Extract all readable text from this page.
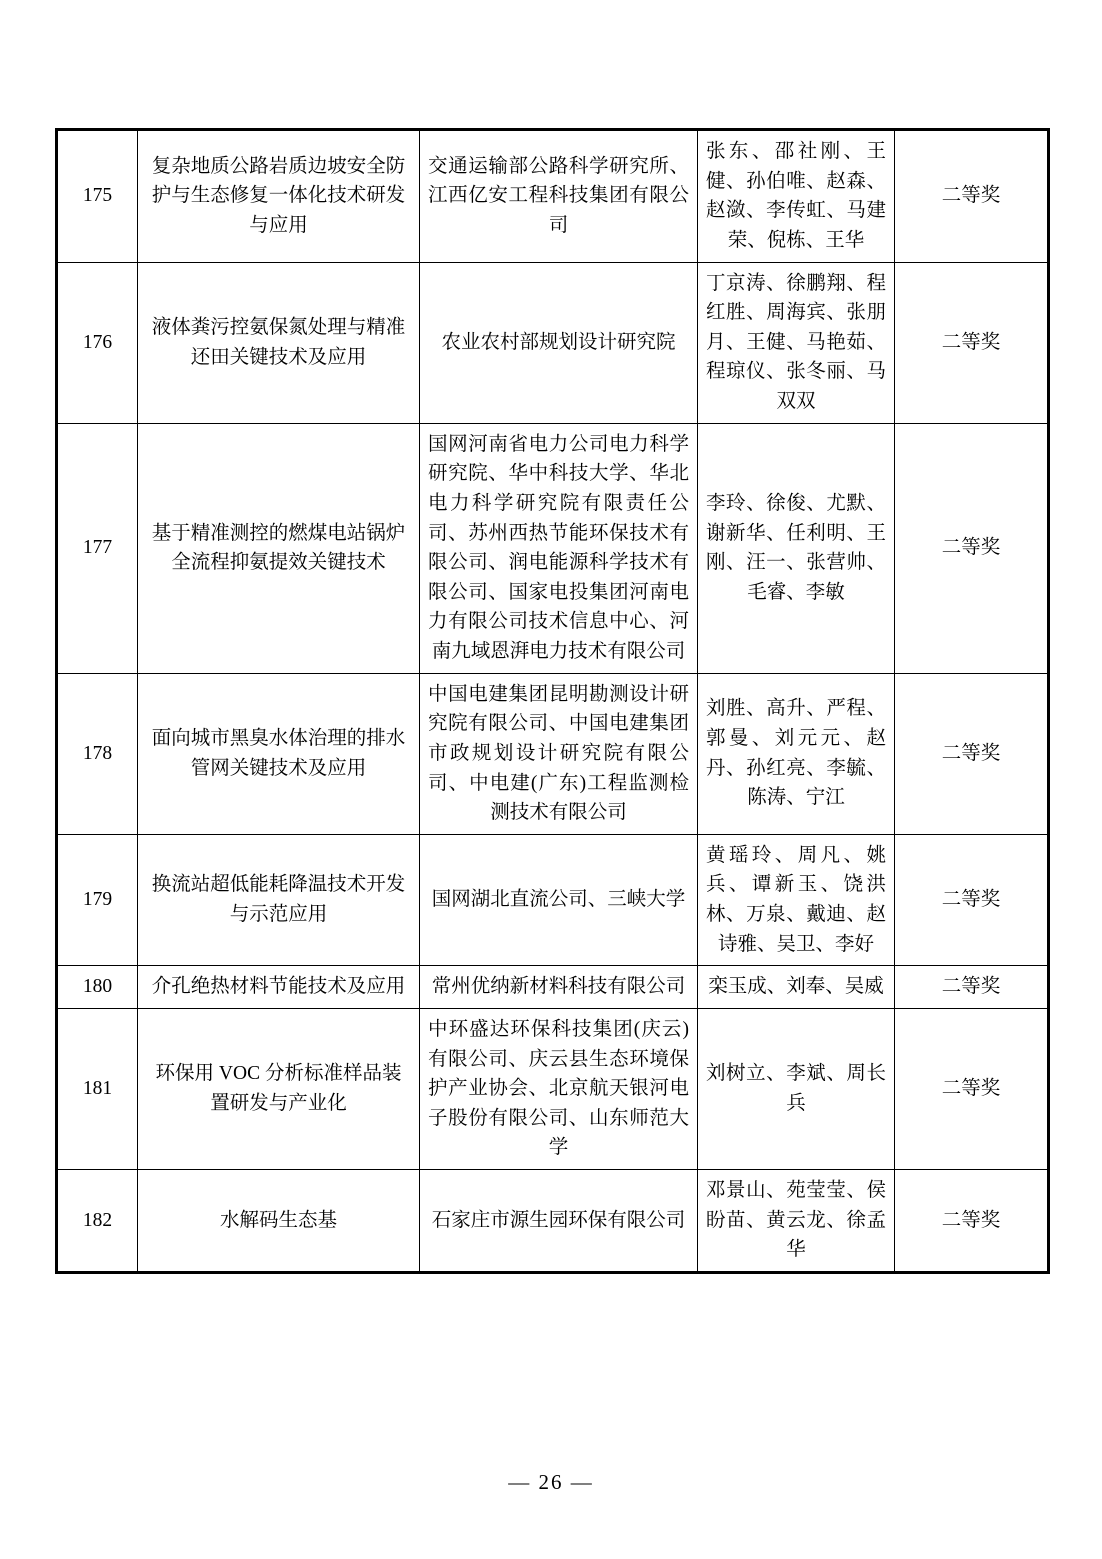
175	复杂地质公路岩质边坡安全防护与生态修复一体化技术研发与应用	交通运输部公路科学研究所、江西亿安工程科技集团有限公司	张东、邵社刚、王健、孙伯唯、赵森、赵潋、李传虹、马建荣、倪栋、王华	二等奖
176	液体粪污控氨保氮处理与精准还田关键技术及应用	农业农村部规划设计研究院	丁京涛、徐鹏翔、程红胜、周海宾、张朋月、王健、马艳茹、程琼仪、张冬丽、马双双	二等奖
177	基于精准测控的燃煤电站锅炉全流程抑氨提效关键技术	国网河南省电力公司电力科学研究院、华中科技大学、华北电力科学研究院有限责任公司、苏州西热节能环保技术有限公司、润电能源科学技术有限公司、国家电投集团河南电力有限公司技术信息中心、河南九域恩湃电力技术有限公司	李玲、徐俊、尤默、谢新华、任利明、王刚、汪一、张营帅、毛睿、李敏	二等奖
178	面向城市黑臭水体治理的排水管网关键技术及应用	中国电建集团昆明勘测设计研究院有限公司、中国电建集团市政规划设计研究院有限公司、中电建(广东)工程监测检测技术有限公司	刘胜、高升、严程、郭曼、刘元元、赵丹、孙红亮、李毓、陈涛、宁江	二等奖
179	换流站超低能耗降温技术开发与示范应用	国网湖北直流公司、三峡大学	黄瑶玲、周凡、姚兵、谭新玉、饶洪林、万泉、戴迪、赵诗雅、吴卫、李好	二等奖
180	介孔绝热材料节能技术及应用	常州优纳新材料科技有限公司	栾玉成、刘奉、吴威	二等奖
181	环保用 VOC 分析标准样品装置研发与产业化	中环盛达环保科技集团(庆云)有限公司、庆云县生态环境保护产业协会、北京航天银河电子股份有限公司、山东师范大学	刘树立、李斌、周长兵	二等奖
182	水解码生态基	石家庄市源生园环保有限公司	邓景山、苑莹莹、侯盼苗、黄云龙、徐孟华	二等奖
— 26 —
